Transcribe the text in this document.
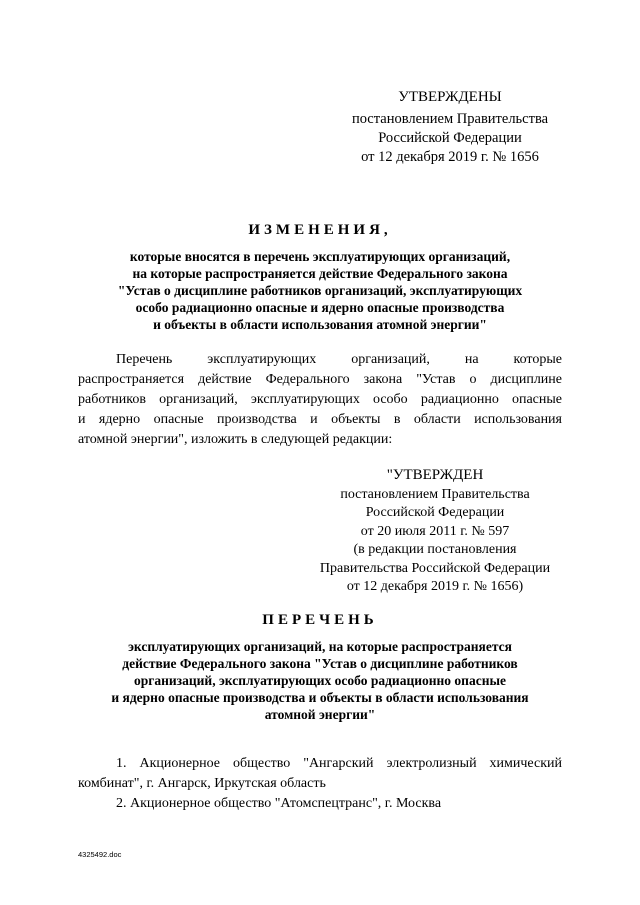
УТВЕРЖДЕНЫ
постановлением Правительства
Российской Федерации
от 12 декабря 2019 г. № 1656
ИЗМЕНЕНИЯ,
которые вносятся в перечень эксплуатирующих организаций,
на которые распространяется действие Федерального закона
"Устав о дисциплине работников организаций, эксплуатирующих
особо радиационно опасные и ядерно опасные производства
и объекты в области использования атомной энергии"
Перечень эксплуатирующих организаций, на которые
распространяется действие Федерального закона "Устав о дисциплине
работников организаций, эксплуатирующих особо радиационно опасные
и ядерно опасные производства и объекты в области использования
атомной энергии", изложить в следующей редакции:
"УТВЕРЖДЕН
постановлением Правительства
Российской Федерации
от 20 июля 2011 г. № 597
(в редакции постановления
Правительства Российской Федерации
от 12 декабря 2019 г. № 1656)
ПЕРЕЧЕНЬ
эксплуатирующих организаций, на которые распространяется
действие Федерального закона "Устав о дисциплине работников
организаций, эксплуатирующих особо радиационно опасные
и ядерно опасные производства и объекты в области использования
атомной энергии"
1. Акционерное общество "Ангарский электролизный химический
комбинат", г. Ангарск, Иркутская область
2. Акционерное общество "Атомспецтранс", г. Москва
4325492.doc
